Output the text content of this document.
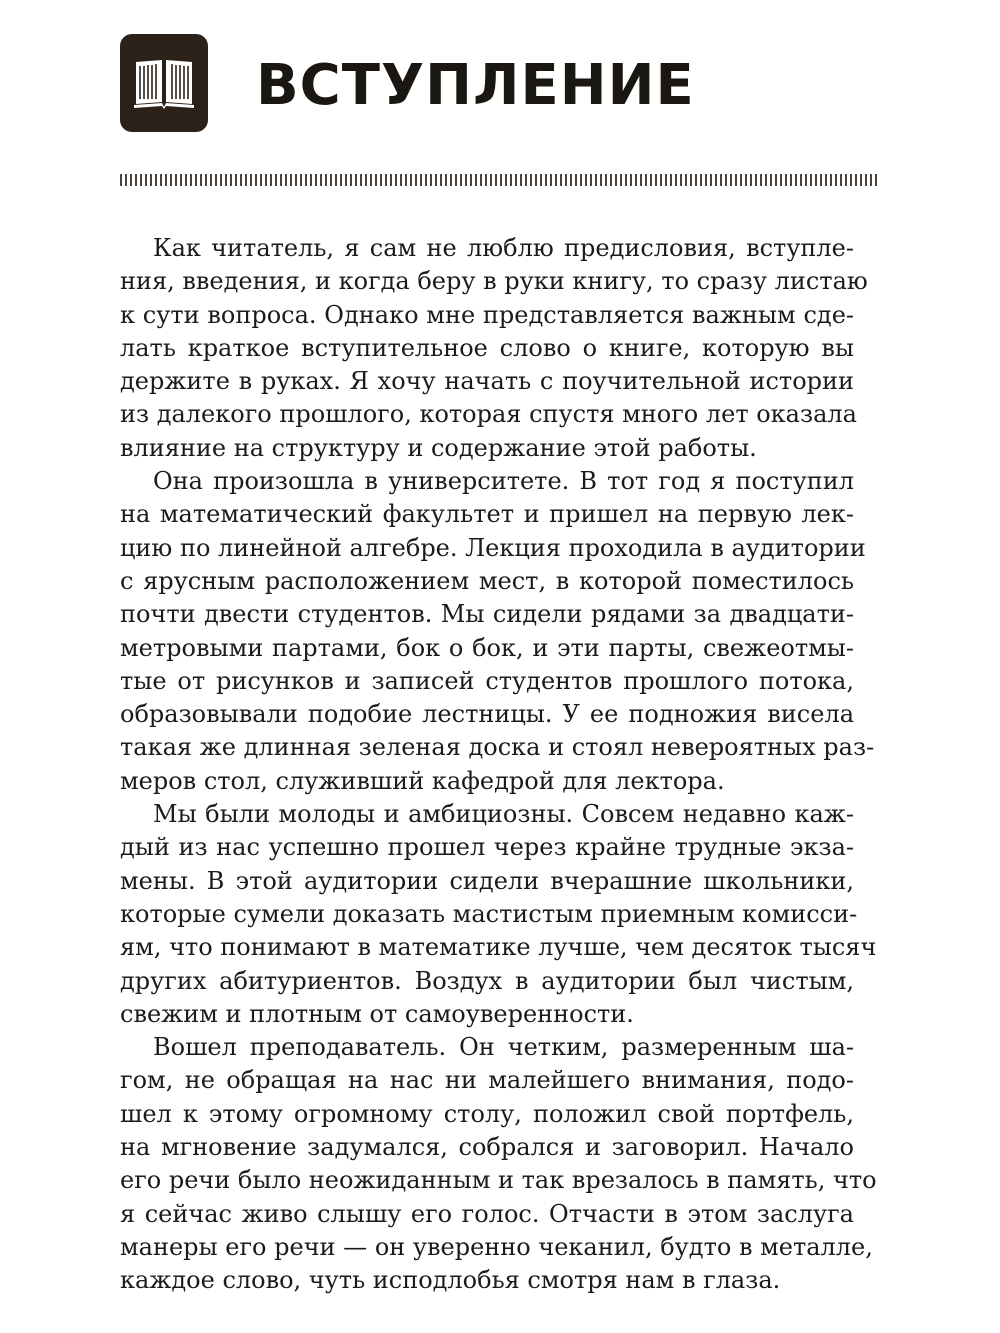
ВСТУПЛЕНИЕ

Как читатель, я сам не люблю предисловия, вступле-
ния, введения, и когда беру в руки книгу, то сразу листаю
к сути вопроса. Однако мне представляется важным сде-
лать краткое вступительное слово о книге, которую вы
держите в руках. Я хочу начать с поучительной истории
из далекого прошлого, которая спустя много лет оказала
влияние на структуру и содержание этой работы.

Она произошла в университете. В тот год я поступил
на математический факультет и пришел на первую лек-
цию по линейной алгебре. Лекция проходила в аудитории
с ярусным расположением мест, в которой поместилось
почти двести студентов. Мы сидели рядами за двадцати-
метровыми партами, бок о бок, и эти парты, свежеотмы-
тые от рисунков и записей студентов прошлого потока,
образовывали подобие лестницы. У ее подножия висела
такая же длинная зеленая доска и стоял невероятных раз-
меров стол, служивший кафедрой для лектора.

Мы были молоды и амбициозны. Совсем недавно каж-
дый из нас успешно прошел через крайне трудные экза-
мены. В этой аудитории сидели вчерашние школьники,
которые сумели доказать мастистым приемным комисси-
ям, что понимают в математике лучше, чем десяток тысяч
других абитуриентов. Воздух в аудитории был чистым,
свежим и плотным от самоуверенности.

Вошел преподаватель. Он четким, размеренным ша-
гом, не обращая на нас ни малейшего внимания, подо-
шел к этому огромному столу, положил свой портфель,
на мгновение задумался, собрался и заговорил. Начало
его речи было неожиданным и так врезалось в память, что
я сейчас живо слышу его голос. Отчасти в этом заслуга
манеры его речи — он уверенно чеканил, будто в металле,
каждое слово, чуть исподлобья смотря нам в глаза.
